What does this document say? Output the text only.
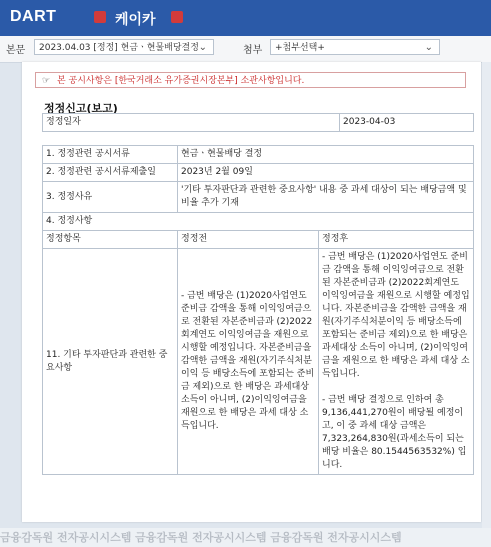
DART	케이카
본문	2023.04.03 [정정] 현금ㆍ현물배당결정 ⌄	첨부	+첨부선택+	⌄
☞ 본 공시사항은 [한국거래소 유가증권시장본부] 소관사항입니다.
정정신고(보고)
정정일자	2023-04-03
1. 정정관련 공시서류	현금ㆍ현물배당 결정	
2. 정정관련 공시서류제출일	2023년 2월 09일	
3. 정정사유	'기타 투자판단과 관련한 중요사항' 내용 중 과세 대상이 되는 배당금액 및 비율 추가 기재	
4. 정정사항		
정정항목	정정전	정정후
11. 기타 투자판단과 관련한 중요사항	- 금번 배당은 (1)2020사업연도 준비금 감액을 통해 이익잉여금으로 전환된 자본준비금과 (2)2022회계연도 이익잉여금을 재원으로 시행할 예정입니다. 자본준비금을 감액한 금액을 재원(자기주식처분이익 등 배당소득에 포함되는 준비금 제외)으로 한 배당은 과세대상 소득이 아니며, (2)이익잉여금을 재원으로 한 배당은 과세 대상 소득입니다.	- 금번 배당은 (1)2020사업연도 준비금 감액을 통해 이익잉여금으로 전환된 자본준비금과 (2)2022회계연도 이익잉여금을 재원으로 시행할 예정입니다. 자본준비금을 감액한 금액을 재원(자기주식처분이익 등 배당소득에 포함되는 준비금 제외)으로 한 배당은 과세대상 소득이 아니며, (2)이익잉여금을 재원으로 한 배당은 과세 대상 소득입니다.
- 금번 배당 결정으로 인하여 총 9,136,441,270원이 배당될 예정이고, 이 중 과세 대상 금액은 7,323,264,830원(과세소득이 되는 배당 비율은 80.1544563532%) 입니다.
금융감독원 전자공시시스템 금융감독원 전자공시시스템 금융감독원 전자공시시스템
